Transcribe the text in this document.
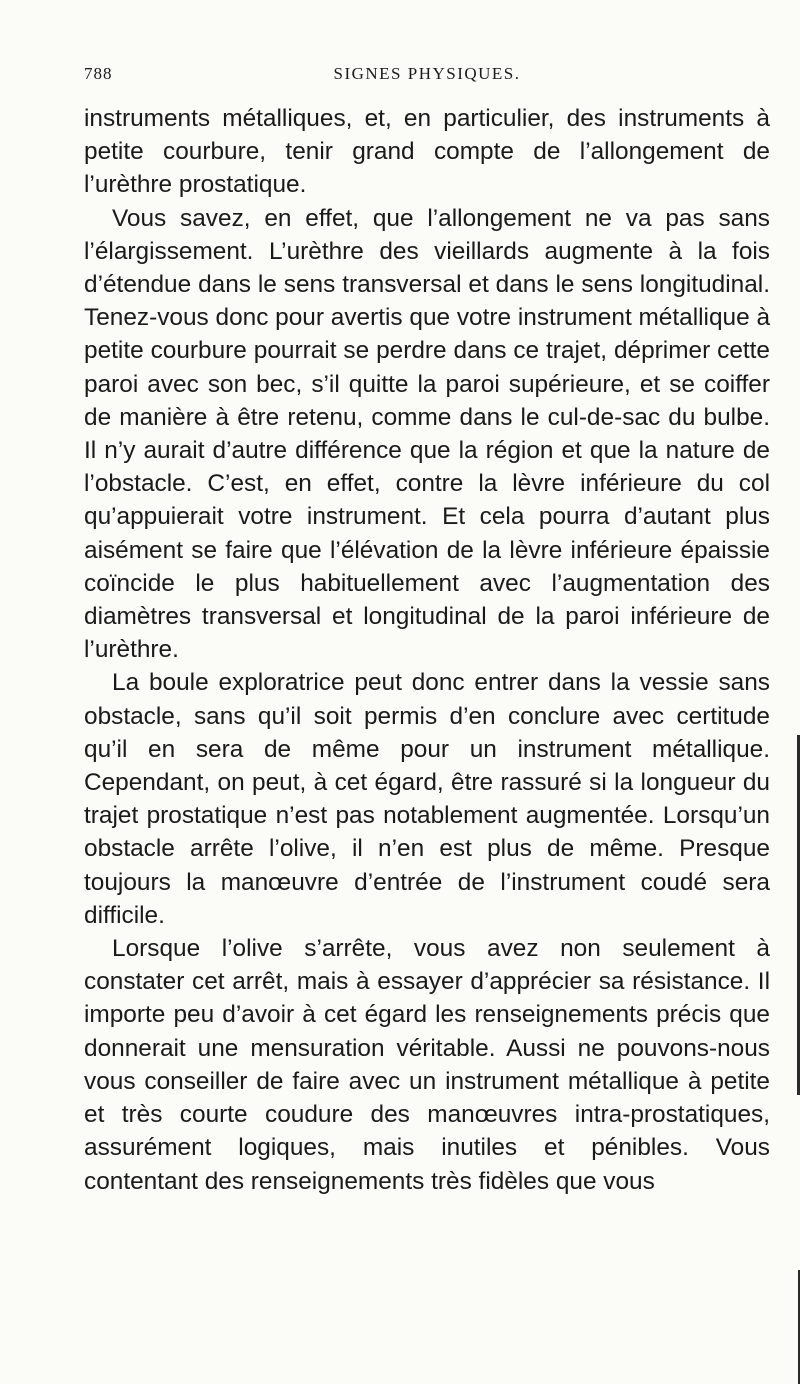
788	SIGNES PHYSIQUES.

instruments métalliques, et, en particulier, des instruments à petite courbure, tenir grand compte de l’allongement de l’urèthre prostatique.

Vous savez, en effet, que l’allongement ne va pas sans l’élargissement. L’urèthre des vieillards augmente à la fois d’étendue dans le sens transversal et dans le sens longitudinal. Tenez-vous donc pour avertis que votre instrument métallique à petite courbure pourrait se perdre dans ce trajet, déprimer cette paroi avec son bec, s’il quitte la paroi supérieure, et se coiffer de manière à être retenu, comme dans le cul-de-sac du bulbe. Il n’y aurait d’autre différence que la région et que la nature de l’obstacle. C’est, en effet, contre la lèvre inférieure du col qu’appuierait votre instrument. Et cela pourra d’autant plus aisément se faire que l’élévation de la lèvre inférieure épaissie coïncide le plus habituellement avec l’augmentation des diamètres transversal et longitudinal de la paroi inférieure de l’urèthre.

La boule exploratrice peut donc entrer dans la vessie sans obstacle, sans qu’il soit permis d’en conclure avec certitude qu’il en sera de même pour un instrument métallique. Cependant, on peut, à cet égard, être rassuré si la longueur du trajet prostatique n’est pas notablement augmentée. Lorsqu’un obstacle arrête l’olive, il n’en est plus de même. Presque toujours la manœuvre d’entrée de l’instrument coudé sera difficile.

Lorsque l’olive s’arrête, vous avez non seulement à constater cet arrêt, mais à essayer d’apprécier sa résistance. Il importe peu d’avoir à cet égard les renseignements précis que donnerait une mensuration véritable. Aussi ne pouvons-nous vous conseiller de faire avec un instrument métallique à petite et très courte coudure des manœuvres intra-prostatiques, assurément logiques, mais inutiles et pénibles. Vous contentant des renseignements très fidèles que vous
